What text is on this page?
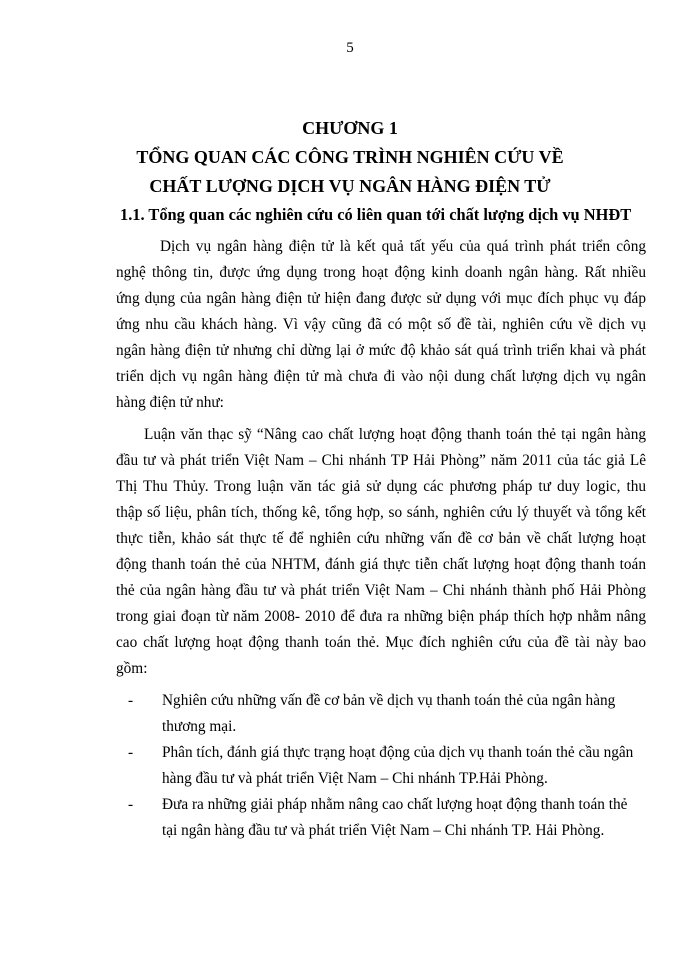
5
CHƯƠNG 1
TỔNG QUAN CÁC CÔNG TRÌNH NGHIÊN CỨU VỀ
CHẤT LƯỢNG DỊCH VỤ NGÂN HÀNG ĐIỆN TỬ
1.1. Tổng quan các nghiên cứu có liên quan tới chất lượng dịch vụ NHĐT
Dịch vụ ngân hàng điện tử là kết quả tất yếu của quá trình phát triển công
nghệ thông tin, được ứng dụng trong hoạt động kinh doanh ngân hàng. Rất nhiều
ứng dụng của ngân hàng điện tử hiện đang được sử dụng với mục đích phục vụ đáp
ứng nhu cầu khách hàng. Vì vậy cũng đã có một số đề tài, nghiên cứu về dịch vụ
ngân hàng điện tử nhưng chỉ dừng lại ở mức độ khảo sát quá trình triển khai và phát
triển dịch vụ ngân hàng điện tử mà chưa đi vào nội dung chất lượng dịch vụ ngân
hàng điện tử như:
Luận văn thạc sỹ “Nâng cao chất lượng hoạt động thanh toán thẻ tại ngân hàng
đầu tư và phát triển Việt Nam – Chi nhánh TP Hải Phòng” năm 2011 của tác giả Lê
Thị Thu Thủy. Trong luận văn tác giả sử dụng các phương pháp tư duy logic, thu
thập số liệu, phân tích, thống kê, tổng hợp, so sánh, nghiên cứu lý thuyết và tổng kết
thực tiễn, khảo sát thực tế để nghiên cứu những vấn đề cơ bản về chất lượng hoạt
động thanh toán thẻ của NHTM, đánh giá thực tiễn chất lượng hoạt động thanh toán
thẻ của ngân hàng đầu tư và phát triển Việt Nam – Chi nhánh thành phố Hải Phòng
trong giai đoạn từ năm 2008- 2010 để đưa ra những biện pháp thích hợp nhằm nâng
cao chất lượng hoạt động thanh toán thẻ. Mục đích nghiên cứu của đề tài này bao
gồm:
- Nghiên cứu những vấn đề cơ bản về dịch vụ thanh toán thẻ của ngân hàng
thương mại.
- Phân tích, đánh giá thực trạng hoạt động của dịch vụ thanh toán thẻ cầu ngân
hàng đầu tư và phát triển Việt Nam – Chi nhánh TP.Hải Phòng.
- Đưa ra những giải pháp nhằm nâng cao chất lượng hoạt động thanh toán thẻ
tại ngân hàng đầu tư và phát triển Việt Nam – Chi nhánh TP. Hải Phòng.
